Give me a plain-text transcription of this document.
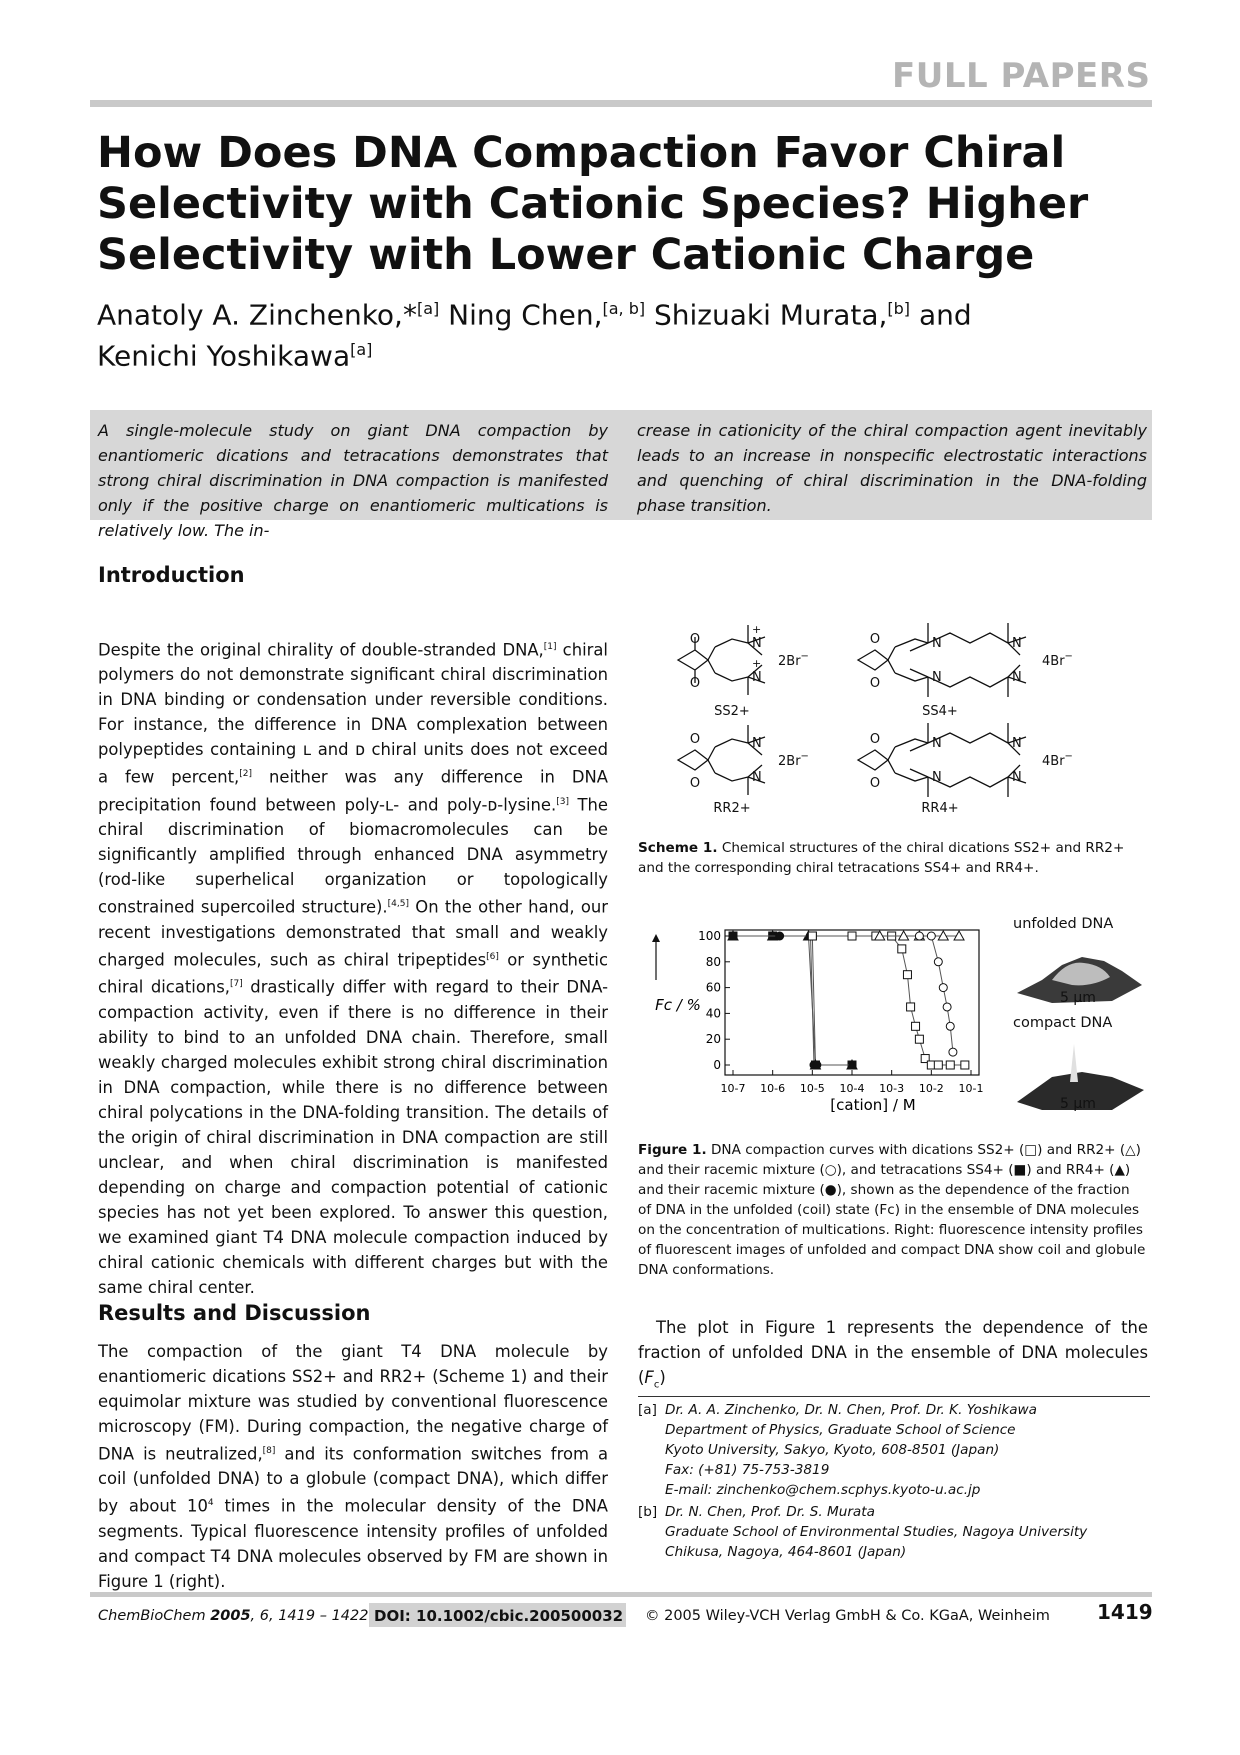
FULL PAPERS
How Does DNA Compaction Favor Chiral
Selectivity with Cationic Species? Higher
Selectivity with Lower Cationic Charge
Anatoly A. Zinchenko,*[a] Ning Chen,[a, b] Shizuaki Murata,[b] and
Kenichi Yoshikawa[a]
A single-molecule study on giant DNA compaction by enantiomeric dications and tetracations demonstrates that strong chiral discrimination in DNA compaction is manifested only if the positive charge on enantiomeric multications is relatively low. The in-
crease in cationicity of the chiral compaction agent inevitably leads to an increase in nonspecific electrostatic interactions and quenching of chiral discrimination in the DNA-folding phase transition.
Introduction
Despite the original chirality of double-stranded DNA,[1] chiral polymers do not demonstrate significant chiral discrimination in DNA binding or condensation under reversible conditions. For instance, the difference in DNA complexation between polypeptides containing ʟ and ᴅ chiral units does not exceed a few percent,[2] neither was any difference in DNA precipitation found between poly-ʟ- and poly-ᴅ-lysine.[3] The chiral discrimination of biomacromolecules can be significantly amplified through enhanced DNA asymmetry (rod-like superhelical organization or topologically constrained supercoiled structure).[4,5] On the other hand, our recent investigations demonstrated that small and weakly charged molecules, such as chiral tripeptides[6] or synthetic chiral dications,[7] drastically differ with regard to their DNA-compaction activity, even if there is no difference in their ability to bind to an unfolded DNA chain. Therefore, small weakly charged molecules exhibit strong chiral discrimination in DNA compaction, while there is no difference between chiral polycations in the DNA-folding transition. The details of the origin of chiral discrimination in DNA compaction are still unclear, and when chiral discrimination is manifested depending on charge and compaction potential of cationic species has not yet been explored. To answer this question, we examined giant T4 DNA molecule compaction induced by chiral cationic chemicals with different charges but with the same chiral center.
Results and Discussion
The compaction of the giant T4 DNA molecule by enantiomeric dications SS2+ and RR2+ (Scheme 1) and their equimolar mixture was studied by conventional fluorescence microscopy (FM). During compaction, the negative charge of DNA is neutralized,[8] and its conformation switches from a coil (unfolded DNA) to a globule (compact DNA), which differ by about $10^4$ times in the molecular density of the DNA segments. Typical fluorescence intensity profiles of unfolded and compact T4 DNA molecules observed by FM are shown in Figure 1 (right).
O
O
N
N
+
+ 2Br−
SS2+
O
O
N
N
N
N
4Br−
SS4+
O
O
N
N
2Br−
RR2+
O
O
N
N
N
N
4Br−
RR4+
Scheme 1. Chemical structures of the chiral dications SS2+ and RR2+ and the corresponding chiral tetracations SS4+ and RR4+.
0
20
40
60
80
100
10-7 10-6 10-5 10-4 10-3 10-2 10-1
[cation] / M
Fc / %
unfolded DNA
5 µm
compact DNA
5 µm
Figure 1. DNA compaction curves with dications SS2+ (□) and RR2+ (△) and their racemic mixture (○), and tetracations SS4+ (■) and RR4+ (▲) and their racemic mixture (●), shown as the dependence of the fraction of DNA in the unfolded (coil) state (Fc) in the ensemble of DNA molecules on the concentration of multications. Right: fluorescence intensity profiles of fluorescent images of unfolded and compact DNA show coil and globule DNA conformations.
The plot in Figure 1 represents the dependence of the fraction of unfolded DNA in the ensemble of DNA molecules $(F_c)$
[a] Dr. A. A. Zinchenko, Dr. N. Chen, Prof. Dr. K. Yoshikawa
Department of Physics, Graduate School of Science
Kyoto University, Sakyo, Kyoto, 608-8501 (Japan)
Fax: (+81) 75-753-3819
E-mail: zinchenko@chem.scphys.kyoto-u.ac.jp
[b] Dr. N. Chen, Prof. Dr. S. Murata
Graduate School of Environmental Studies, Nagoya University
Chikusa, Nagoya, 464-8601 (Japan)
ChemBioChem 2005, 6, 1419 – 1422 DOI: 10.1002/cbic.200500032 © 2005 Wiley-VCH Verlag GmbH & Co. KGaA, Weinheim 1419
